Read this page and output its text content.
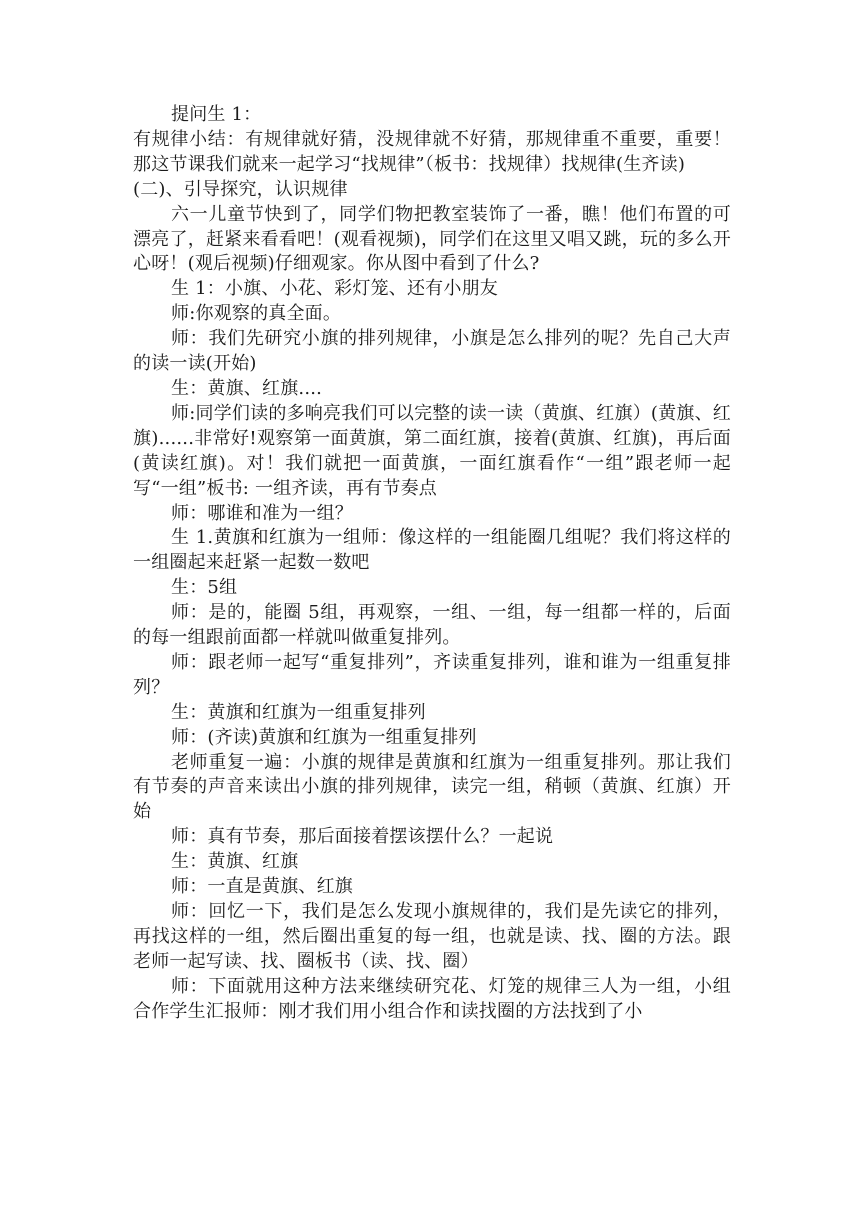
提问生 1：

有规律小结：有规律就好猜，没规律就不好猜，那规律重不重要，重要！那这节课我们就来一起学习“找规律”（板书：找规律）找规律(生齐读)

(二)、引导探究，认识规律

六一儿童节快到了，同学们物把教室装饰了一番，瞧！他们布置的可漂亮了，赶紧来看看吧！(观看视频)，同学们在这里又唱又跳，玩的多么开心呀！(观后视频)仔细观家。你从图中看到了什么?

生 1：小旗、小花、彩灯笼、还有小朋友

师:你观察的真全面。

师：我们先研究小旗的排列规律，小旗是怎么排列的呢？先自己大声的读一读(开始)

生：黄旗、红旗....

师:同学们读的多响亮我们可以完整的读一读（黄旗、红旗）(黄旗、红旗)......非常好!观察第一面黄旗，第二面红旗，接着(黄旗、红旗)，再后面(黄读红旗)。对！我们就把一面黄旗，一面红旗看作“一组”跟老师一起写“一组”板书: 一组齐读，再有节奏点

师：哪谁和准为一组？

生 1.黄旗和红旗为一组师：像这样的一组能圈几组呢？我们将这样的一组圈起来赶紧一起数一数吧

生：5组

师：是的，能圈 5组，再观察，一组、一组，每一组都一样的，后面的每一组跟前面都一样就叫做重复排列。

师：跟老师一起写“重复排列”，齐读重复排列，谁和谁为一组重复排列？

生：黄旗和红旗为一组重复排列

师：(齐读)黄旗和红旗为一组重复排列

老师重复一遍：小旗的规律是黄旗和红旗为一组重复排列。那让我们有节奏的声音来读出小旗的排列规律，读完一组，稍顿（黄旗、红旗）开始

师：真有节奏，那后面接着摆该摆什么？一起说

生：黄旗、红旗

师：一直是黄旗、红旗

师：回忆一下，我们是怎么发现小旗规律的，我们是先读它的排列，再找这样的一组，然后圈出重复的每一组，也就是读、找、圈的方法。跟老师一起写读、找、圈板书（读、找、圈）

师：下面就用这种方法来继续研究花、灯笼的规律三人为一组，小组合作学生汇报师：刚才我们用小组合作和读找圈的方法找到了小
